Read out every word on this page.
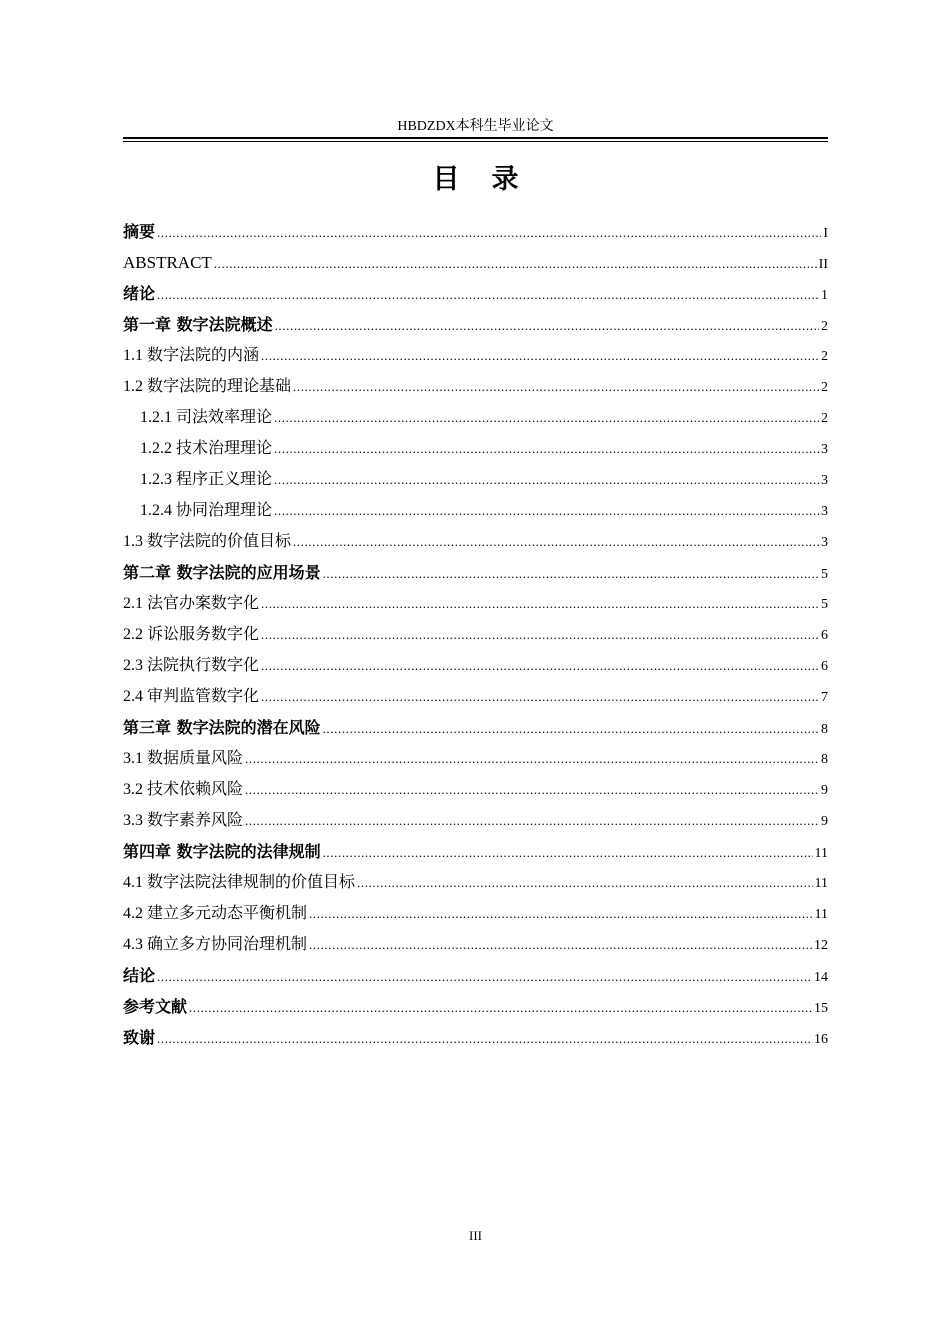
HBDZDX本科生毕业论文
目录
摘要 .....	I
ABSTRACT .....	II
绪论 .....	1
第一章 数字法院概述 .....	2
1.1 数字法院的内涵 .....	2
1.2 数字法院的理论基础 .....	2
1.2.1 司法效率理论 .....	2
1.2.2 技术治理理论 .....	3
1.2.3 程序正义理论 .....	3
1.2.4 协同治理理论 .....	3
1.3 数字法院的价值目标 .....	3
第二章 数字法院的应用场景 .....	5
2.1 法官办案数字化 .....	5
2.2 诉讼服务数字化 .....	6
2.3 法院执行数字化 .....	6
2.4 审判监管数字化 .....	7
第三章 数字法院的潜在风险 .....	8
3.1 数据质量风险 .....	8
3.2 技术依赖风险 .....	9
3.3 数字素养风险 .....	9
第四章 数字法院的法律规制 .....	11
4.1 数字法院法律规制的价值目标 .....	11
4.2 建立多元动态平衡机制 .....	11
4.3 确立多方协同治理机制 .....	12
结论 .....	14
参考文献 .....	15
致谢 .....	16
III
